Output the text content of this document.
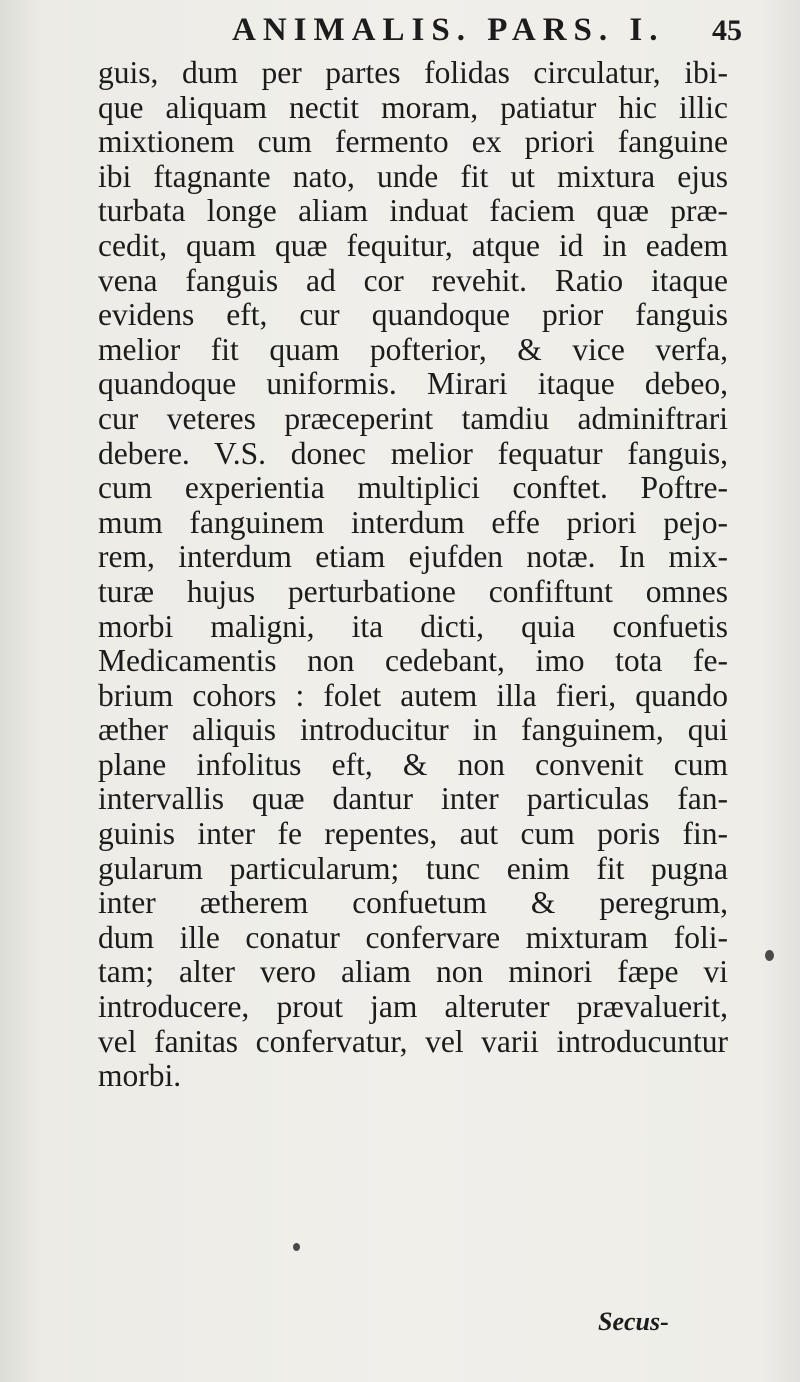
ANIMALIS. PARS. I. 45
guis, dum per partes folidas circulatur, ibi-
que aliquam nectit moram, patiatur hic illic
mixtionem cum fermento ex priori fanguine
ibi ftagnante nato, unde fit ut mixtura ejus
turbata longe aliam induat faciem quæ præ-
cedit, quam quæ fequitur, atque id in eadem
vena fanguis ad cor revehit. Ratio itaque
evidens eft, cur quandoque prior fanguis
melior fit quam pofterior, & vice verfa,
quandoque uniformis. Mirari itaque debeo,
cur veteres præceperint tamdiu adminiftrari
debere. V.S. donec melior fequatur fanguis,
cum experientia multiplici conftet. Poftre-
mum fanguinem interdum effe priori pejo-
rem, interdum etiam ejufden notæ. In mix-
turæ hujus perturbatione confiftunt omnes
morbi maligni, ita dicti, quia confuetis
Medicamentis non cedebant, imo tota fe-
brium cohors : folet autem illa fieri, quando
æther aliquis introducitur in fanguinem, qui
plane infolitus eft, & non convenit cum
intervallis quæ dantur inter particulas fan-
guinis inter fe repentes, aut cum poris fin-
gularum particularum; tunc enim fit pugna
inter ætherem confuetum & peregrum,
dum ille conatur confervare mixturam foli-
tam; alter vero aliam non minori fæpe vi
introducere, prout jam alteruter prævaluerit,
vel fanitas confervatur, vel varii introducuntur
morbi.
Secus-
